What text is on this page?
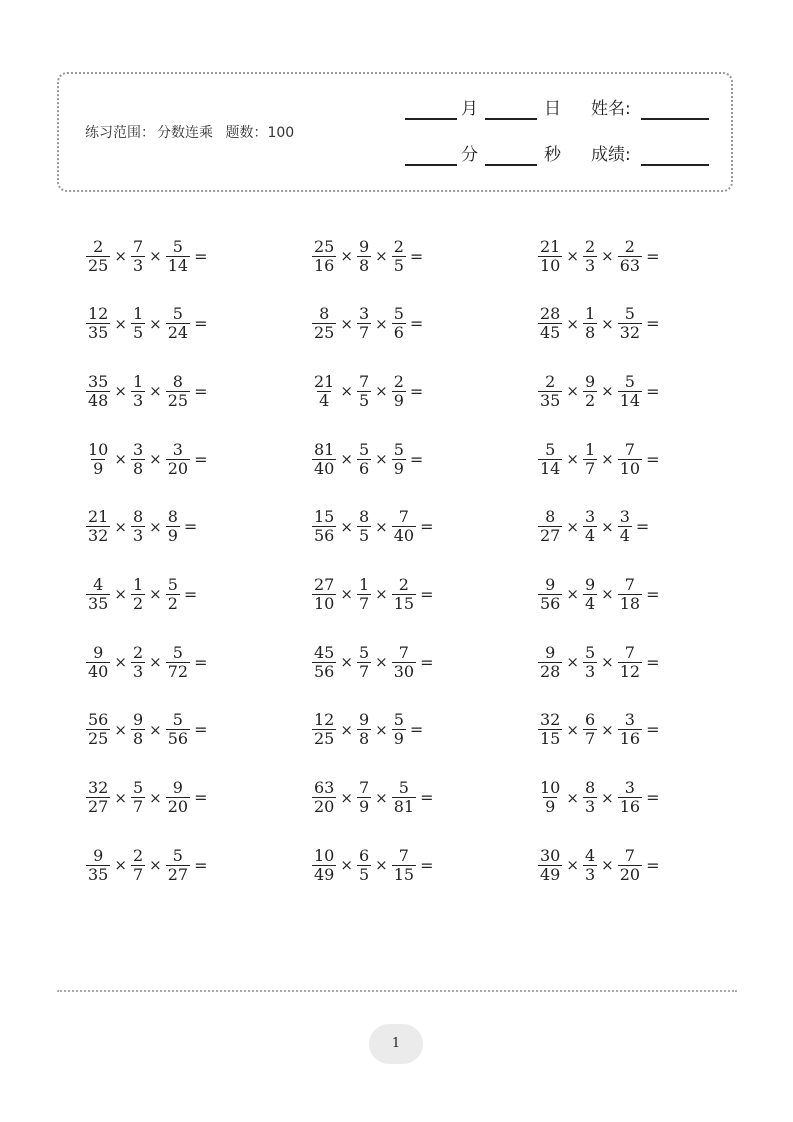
练习范围： 分数连乘 题数：100
月	日 姓名:
分	秒 成绩:
$\frac{2}{25} \times \frac{7}{3} \times \frac{5}{14}$ =	$\frac{25}{16} \times \frac{9}{8} \times \frac{2}{5}$ =	$\frac{21}{10} \times \frac{2}{3} \times \frac{2}{63}$ =
$\frac{12}{35} \times \frac{1}{5} \times \frac{5}{24}$ =	$\frac{8}{25} \times \frac{3}{7} \times \frac{5}{6}$ =	$\frac{28}{45} \times \frac{1}{8} \times \frac{5}{32}$ =
$\frac{35}{48} \times \frac{1}{3} \times \frac{8}{25}$ =	$\frac{21}{4} \times \frac{7}{5} \times \frac{2}{9}$ =	$\frac{2}{35} \times \frac{9}{2} \times \frac{5}{14}$ =
$\frac{10}{9} \times \frac{3}{8} \times \frac{3}{20}$ =	$\frac{81}{40} \times \frac{5}{6} \times \frac{5}{9}$ =	$\frac{5}{14} \times \frac{1}{7} \times \frac{7}{10}$ =
$\frac{21}{32} \times \frac{8}{3} \times \frac{8}{9}$ =	$\frac{15}{56} \times \frac{8}{5} \times \frac{7}{40}$ =	$\frac{8}{27} \times \frac{3}{4} \times \frac{3}{4}$ =
$\frac{4}{35} \times \frac{1}{2} \times \frac{5}{2}$ =	$\frac{27}{10} \times \frac{1}{7} \times \frac{2}{15}$ =	$\frac{9}{56} \times \frac{9}{4} \times \frac{7}{18}$ =
$\frac{9}{40} \times \frac{2}{3} \times \frac{5}{72}$ =	$\frac{45}{56} \times \frac{5}{7} \times \frac{7}{30}$ =	$\frac{9}{28} \times \frac{5}{3} \times \frac{7}{12}$ =
$\frac{56}{25} \times \frac{9}{8} \times \frac{5}{56}$ =	$\frac{12}{25} \times \frac{9}{8} \times \frac{5}{9}$ =	$\frac{32}{15} \times \frac{6}{7} \times \frac{3}{16}$ =
$\frac{32}{27} \times \frac{5}{7} \times \frac{9}{20}$ =	$\frac{63}{20} \times \frac{7}{9} \times \frac{5}{81}$ =	$\frac{10}{9} \times \frac{8}{3} \times \frac{3}{16}$ =
$\frac{9}{35} \times \frac{2}{7} \times \frac{5}{27}$ =	$\frac{10}{49} \times \frac{6}{5} \times \frac{7}{15}$ =	$\frac{30}{49} \times \frac{4}{3} \times \frac{7}{20}$ =
1
